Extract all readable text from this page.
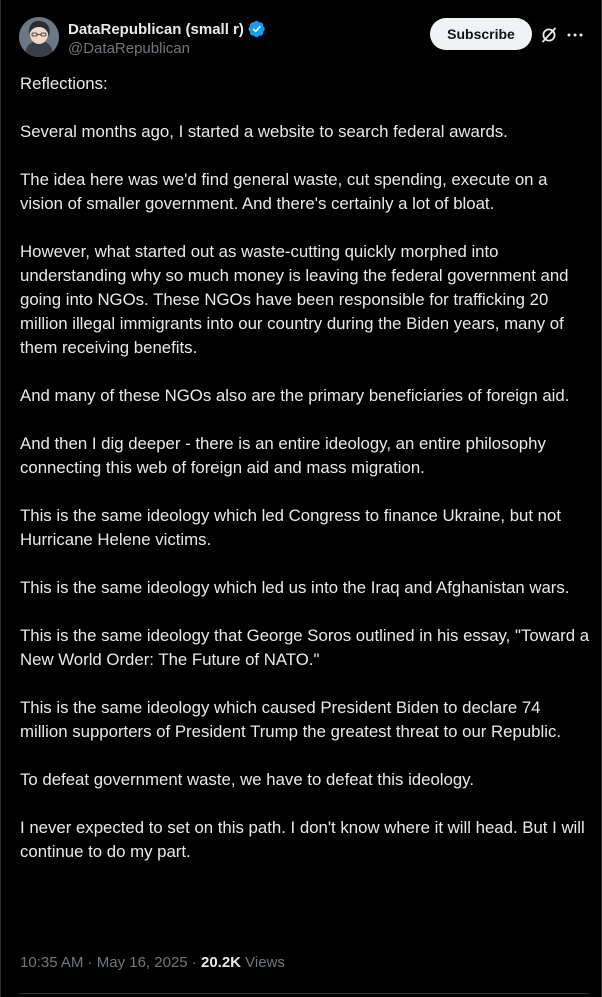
DataRepublican (small r)
@DataRepublican
Subscribe

Reflections:

Several months ago, I started a website to search federal awards.

The idea here was we'd find general waste, cut spending, execute on a vision of smaller government. And there's certainly a lot of bloat.

However, what started out as waste-cutting quickly morphed into understanding why so much money is leaving the federal government and going into NGOs. These NGOs have been responsible for trafficking 20 million illegal immigrants into our country during the Biden years, many of them receiving benefits.

And many of these NGOs also are the primary beneficiaries of foreign aid.

And then I dig deeper - there is an entire ideology, an entire philosophy connecting this web of foreign aid and mass migration.

This is the same ideology which led Congress to finance Ukraine, but not Hurricane Helene victims.

This is the same ideology which led us into the Iraq and Afghanistan wars.

This is the same ideology that George Soros outlined in his essay, "Toward a New World Order: The Future of NATO."

This is the same ideology which caused President Biden to declare 74 million supporters of President Trump the greatest threat to our Republic.

To defeat government waste, we have to defeat this ideology.

I never expected to set on this path. I don't know where it will head. But I will continue to do my part.

10:35 AM · May 16, 2025 · 20.2K Views
